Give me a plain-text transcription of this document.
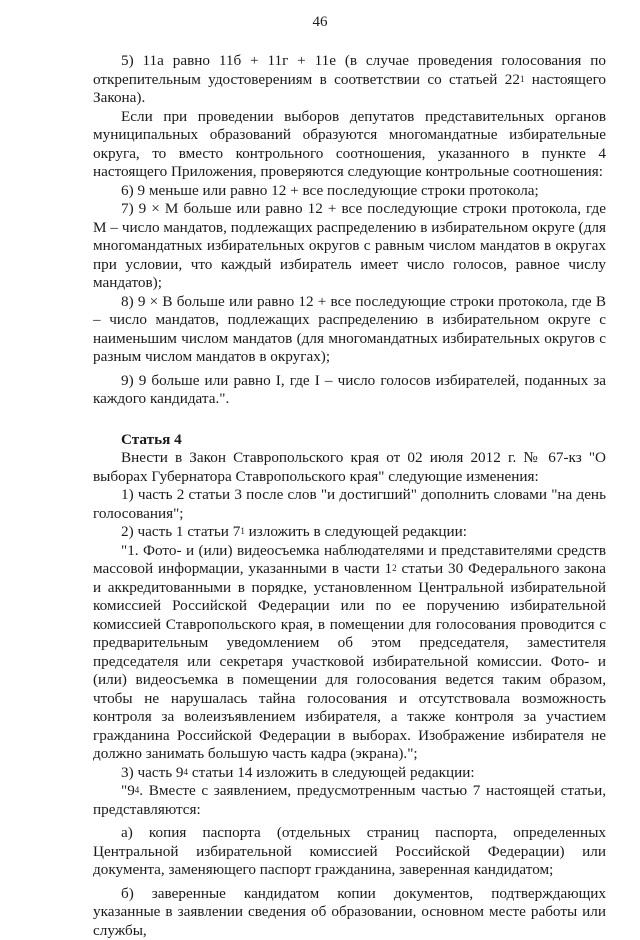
46

5) 11а равно 11б + 11г + 11е (в случае проведения голосования по открепительным удостоверениям в соответствии со статьей $22^1$ настоящего Закона).

Если при проведении выборов депутатов представительных органов муниципальных образований образуются многомандатные избирательные округа, то вместо контрольного соотношения, указанного в пункте 4 настоящего Приложения, проверяются следующие контрольные соотношения:

6) 9 меньше или равно 12 + все последующие строки протокола;

7) 9 × М больше или равно 12 + все последующие строки протокола, где М – число мандатов, подлежащих распределению в избирательном округе (для многомандатных избирательных округов с равным числом мандатов в округах при условии, что каждый избиратель имеет число голосов, равное числу мандатов);

8) 9 × В больше или равно 12 + все последующие строки протокола, где В – число мандатов, подлежащих распределению в избирательном округе с наименьшим числом мандатов (для многомандатных избирательных округов с разным числом мандатов в округах);

9) 9 больше или равно I, где I – число голосов избирателей, поданных за каждого кандидата.".

Статья 4

Внести в Закон Ставропольского края от 02 июля 2012 г. № 67-кз "О выборах Губернатора Ставропольского края" следующие изменения:

1) часть 2 статьи 3 после слов "и достигший" дополнить словами "на день голосования";

2) часть 1 статьи $7^1$ изложить в следующей редакции:

"1. Фото- и (или) видеосъемка наблюдателями и представителями средств массовой информации, указанными в части $1^2$ статьи 30 Федерального закона и аккредитованными в порядке, установленном Центральной избирательной комиссией Российской Федерации или по ее поручению избирательной комиссией Ставропольского края, в помещении для голосования проводится с предварительным уведомлением об этом председателя, заместителя председателя или секретаря участковой избирательной комиссии. Фото- и (или) видеосъемка в помещении для голосования ведется таким образом, чтобы не нарушалась тайна голосования и отсутствовала возможность контроля за волеизъявлением избирателя, а также контроля за участием гражданина Российской Федерации в выборах. Изображение избирателя не должно занимать большую часть кадра (экрана).";

3) часть $9^4$ статьи 14 изложить в следующей редакции:

"$9^4$. Вместе с заявлением, предусмотренным частью 7 настоящей статьи, представляются:

а) копия паспорта (отдельных страниц паспорта, определенных Центральной избирательной комиссией Российской Федерации) или документа, заменяющего паспорт гражданина, заверенная кандидатом;

б) заверенные кандидатом копии документов, подтверждающих указанные в заявлении сведения об образовании, основном месте работы или службы,
